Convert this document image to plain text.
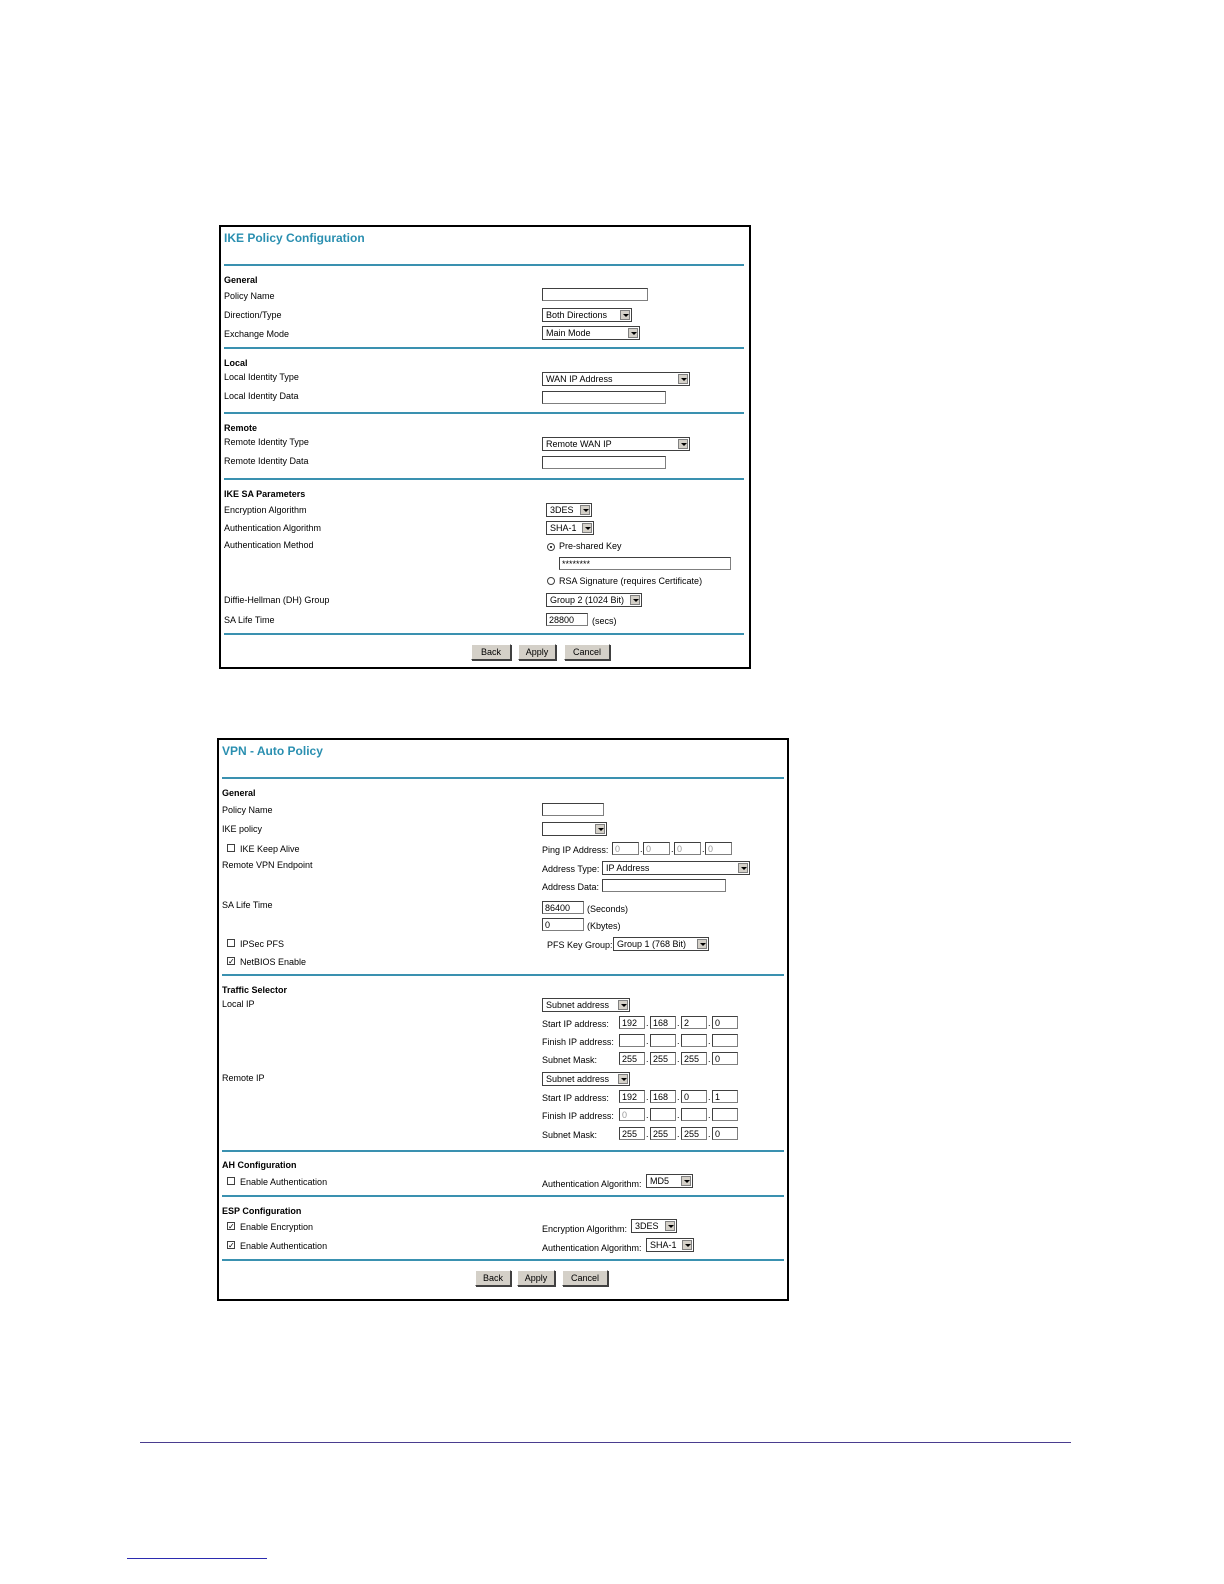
IKE Policy Configuration
General
Policy Name
Direction/Type	Both Directions
Exchange Mode	Main Mode
Local
Local Identity Type	WAN IP Address
Local Identity Data
Remote
Remote Identity Type	Remote WAN IP
Remote Identity Data
IKE SA Parameters
Encryption Algorithm	3DES
Authentication Algorithm	SHA-1
Authentication Method	Pre-shared Key
********
RSA Signature (requires Certificate)
Diffie-Hellman (DH) Group	Group 2 (1024 Bit)
SA Life Time	28800	(secs)
Back	Apply	Cancel
VPN - Auto Policy
General
Policy Name
IKE policy
IKE Keep Alive	Ping IP Address: 0	. 0	. 0	. 0
Remote VPN Endpoint	Address Type: IP Address
Address Data:
SA Life Time	86400	(Seconds)
0	(Kbytes)
IPSec PFS	PFS Key Group: Group 1 (768 Bit)
✓ NetBIOS Enable
Traffic Selector
Local IP	Subnet address
Start IP address:	192 . 168 . 2	. 0
Finish IP address:	.	.	.
Subnet Mask:	255 . 255 . 255 . 0
Remote IP	Subnet address
Start IP address:	192 . 168 . 0	. 1
Finish IP address: 0	.	.	.
Subnet Mask:	255 . 255 . 255 . 0
AH Configuration
Enable Authentication	Authentication Algorithm: MD5
ESP Configuration
✓ Enable Encryption	Encryption Algorithm: 3DES
✓ Enable Authentication	Authentication Algorithm: SHA-1
Back	Apply	Cancel
